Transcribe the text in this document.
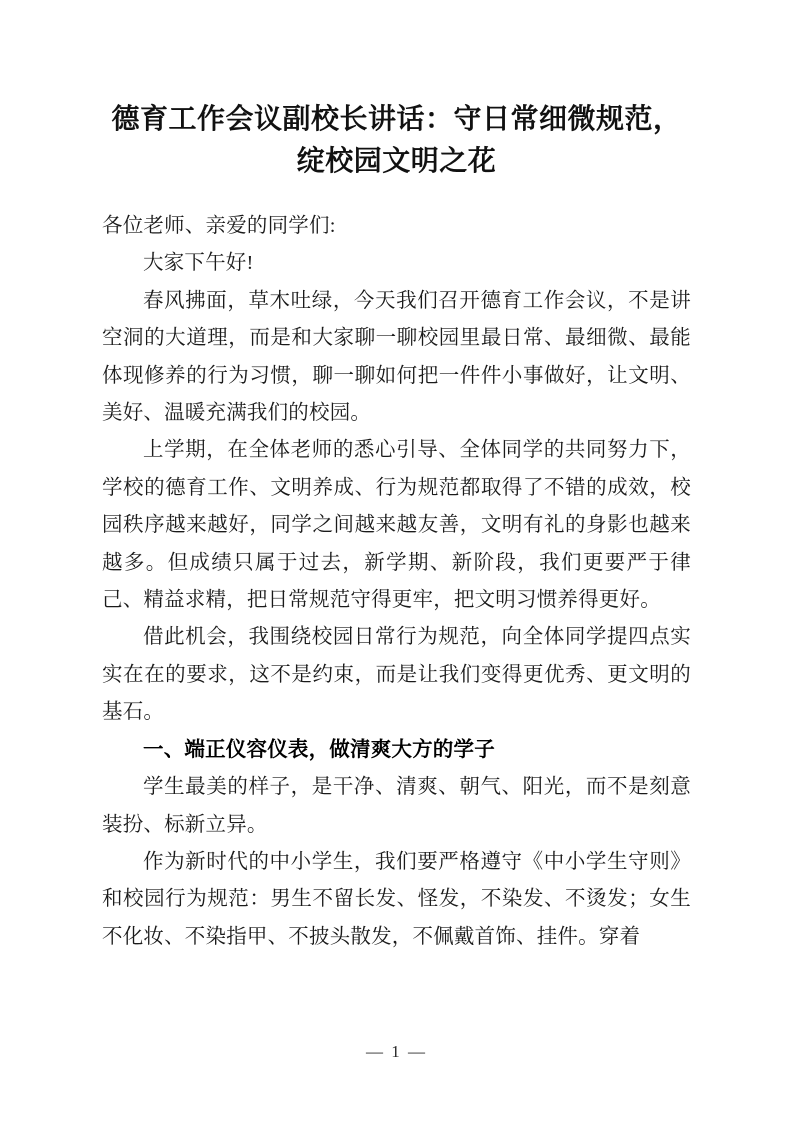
德育工作会议副校长讲话：守日常细微规范，绽校园文明之花

各位老师、亲爱的同学们:

大家下午好!

春风拂面，草木吐绿，今天我们召开德育工作会议，不是讲空洞的大道理，而是和大家聊一聊校园里最日常、最细微、最能体现修养的行为习惯，聊一聊如何把一件件小事做好，让文明、美好、温暖充满我们的校园。

上学期，在全体老师的悉心引导、全体同学的共同努力下，学校的德育工作、文明养成、行为规范都取得了不错的成效，校园秩序越来越好，同学之间越来越友善，文明有礼的身影也越来越多。但成绩只属于过去，新学期、新阶段，我们更要严于律己、精益求精，把日常规范守得更牢，把文明习惯养得更好。

借此机会，我围绕校园日常行为规范，向全体同学提四点实实在在的要求，这不是约束，而是让我们变得更优秀、更文明的基石。

一、端正仪容仪表，做清爽大方的学子

学生最美的样子，是干净、清爽、朝气、阳光，而不是刻意装扮、标新立异。

作为新时代的中小学生，我们要严格遵守《中小学生守则》和校园行为规范：男生不留长发、怪发，不染发、不烫发；女生不化妆、不染指甲、不披头散发，不佩戴首饰、挂件。穿着

— 1 —
